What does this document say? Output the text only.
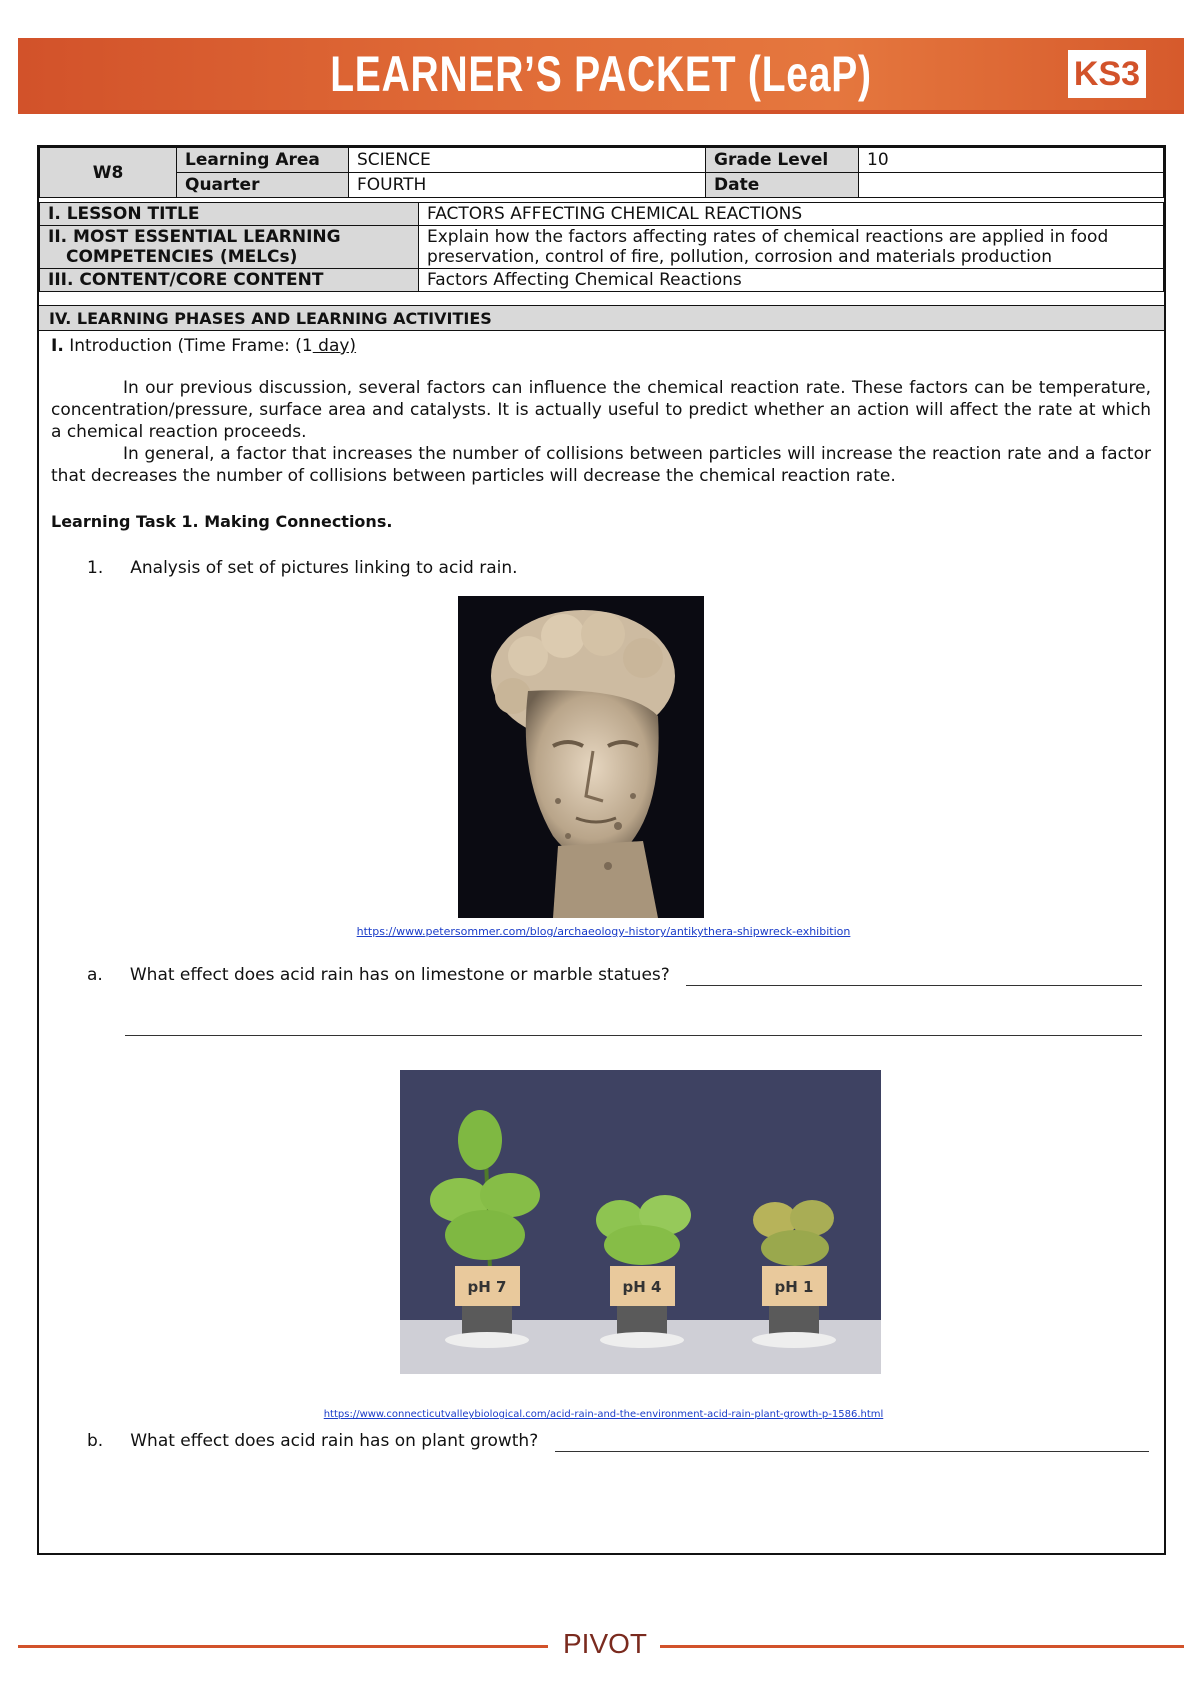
LEARNER’S PACKET (LeaP)	KS3
W8	Learning Area	SCIENCE	Grade Level	10
	Quarter	FOURTH	Date	
I. LESSON TITLE	FACTORS AFFECTING CHEMICAL REACTIONS

II. MOST ESSENTIAL LEARNING
COMPETENCIES (MELCs)	Explain how the factors affecting rates of chemical reactions are applied in food preservation, control of fire, pollution, corrosion and materials production
III. CONTENT/CORE CONTENT	Factors Affecting Chemical Reactions
IV. LEARNING PHASES AND LEARNING ACTIVITIES

I. Introduction (Time Frame: (1 day)

In our previous discussion, several factors can influence the chemical reaction rate. These factors can be temperature, concentration/pressure, surface area and catalysts. It is actually useful to predict whether an action will affect the rate at which a chemical reaction proceeds.

In general, a factor that increases the number of collisions between particles will increase the reaction rate and a factor that decreases the number of collisions between particles will decrease the chemical reaction rate.

Learning Task 1. Making Connections.

1. Analysis of set of pictures linking to acid rain.

https://www.petersommer.com/blog/archaeology-history/antikythera-shipwreck-exhibition
a. What effect does acid rain has on limestone or marble statues?
https://www.connecticutvalleybiological.com/acid-rain-and-the-environment-acid-rain-plant-growth-p-1586.html
b. What effect does acid rain has on plant growth?
pH 7	pH 4	pH 1
PIVOT
